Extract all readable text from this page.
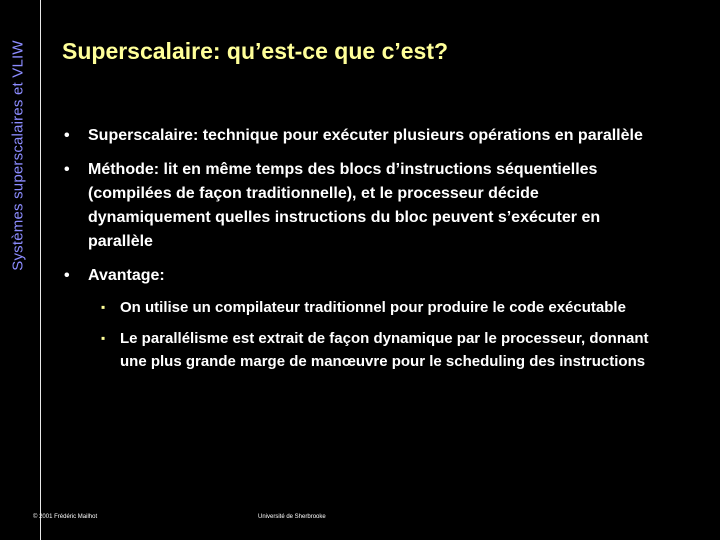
Systèmes superscalaires et VLIW Superscalaire: qu’est-ce que c’est?
• Superscalaire: technique pour exécuter plusieurs opérations en parallèle
• Méthode: lit en même temps des blocs d’instructions séquentielles (compilées de façon traditionnelle), et le processeur décide dynamiquement quelles instructions du bloc peuvent s’exécuter en parallèle
• Avantage:
▪ On utilise un compilateur traditionnel pour produire le code exécutable
▪ Le parallélisme est extrait de façon dynamique par le processeur, donnant une plus grande marge de manœuvre pour le scheduling des instructions
© 2001 Frédéric Mailhot	Université de Sherbrooke
